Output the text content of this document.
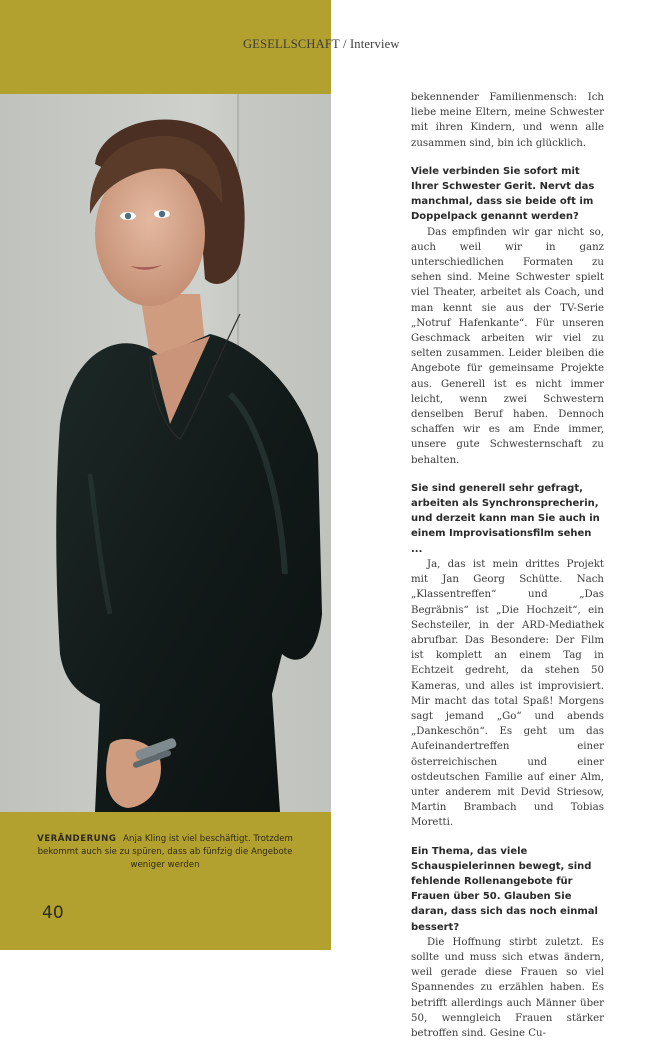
GESELLSCHAFT / Interview
VERÄNDERUNG Anja Kling ist viel beschäftigt. Trotzdem bekommt auch sie zu spüren, dass ab fünfzig die Angebote weniger werden
40

bekennender Familienmensch: Ich liebe meine Eltern, meine Schwester mit ihren Kindern, und wenn alle zusammen sind, bin ich glücklich.

Viele verbinden Sie sofort mit Ihrer Schwester Gerit. Nervt das manchmal, dass sie beide oft im Doppelpack genannt werden?

Das empfinden wir gar nicht so, auch weil wir in ganz unterschiedlichen Formaten zu sehen sind. Meine Schwester spielt viel Theater, arbeitet als Coach, und man kennt sie aus der TV-Serie „Notruf Hafenkante“. Für unseren Geschmack arbeiten wir viel zu selten zusammen. Leider bleiben die Angebote für gemeinsame Projekte aus. Generell ist es nicht immer leicht, wenn zwei Schwestern denselben Beruf haben. Dennoch schaffen wir es am Ende immer, unsere gute Schwesternschaft zu behalten.

Sie sind generell sehr gefragt, arbeiten als Synchronsprecherin, und derzeit kann man Sie auch in einem Improvisationsfilm sehen ...

Ja, das ist mein drittes Projekt mit Jan Georg Schütte. Nach „Klassentreffen“ und „Das Begräbnis“ ist „Die Hochzeit“, ein Sechsteiler, in der ARD-Mediathek abrufbar. Das Besondere: Der Film ist komplett an einem Tag in Echtzeit gedreht, da stehen 50 Kameras, und alles ist improvisiert. Mir macht das total Spaß! Morgens sagt jemand „Go“ und abends „Dankeschön“. Es geht um das Aufeinandertreffen einer österreichischen und einer ostdeutschen Familie auf einer Alm, unter anderem mit Devid Striesow, Martin Brambach und Tobias Moretti.

Ein Thema, das viele Schauspielerinnen bewegt, sind fehlende Rollenangebote für Frauen über 50. Glauben Sie daran, dass sich das noch einmal bessert?

Die Hoffnung stirbt zuletzt. Es sollte und muss sich etwas ändern, weil gerade diese Frauen so viel Spannendes zu erzählen haben. Es betrifft allerdings auch Männer über 50, wenngleich Frauen stärker betroffen sind. Gesine Cu-
